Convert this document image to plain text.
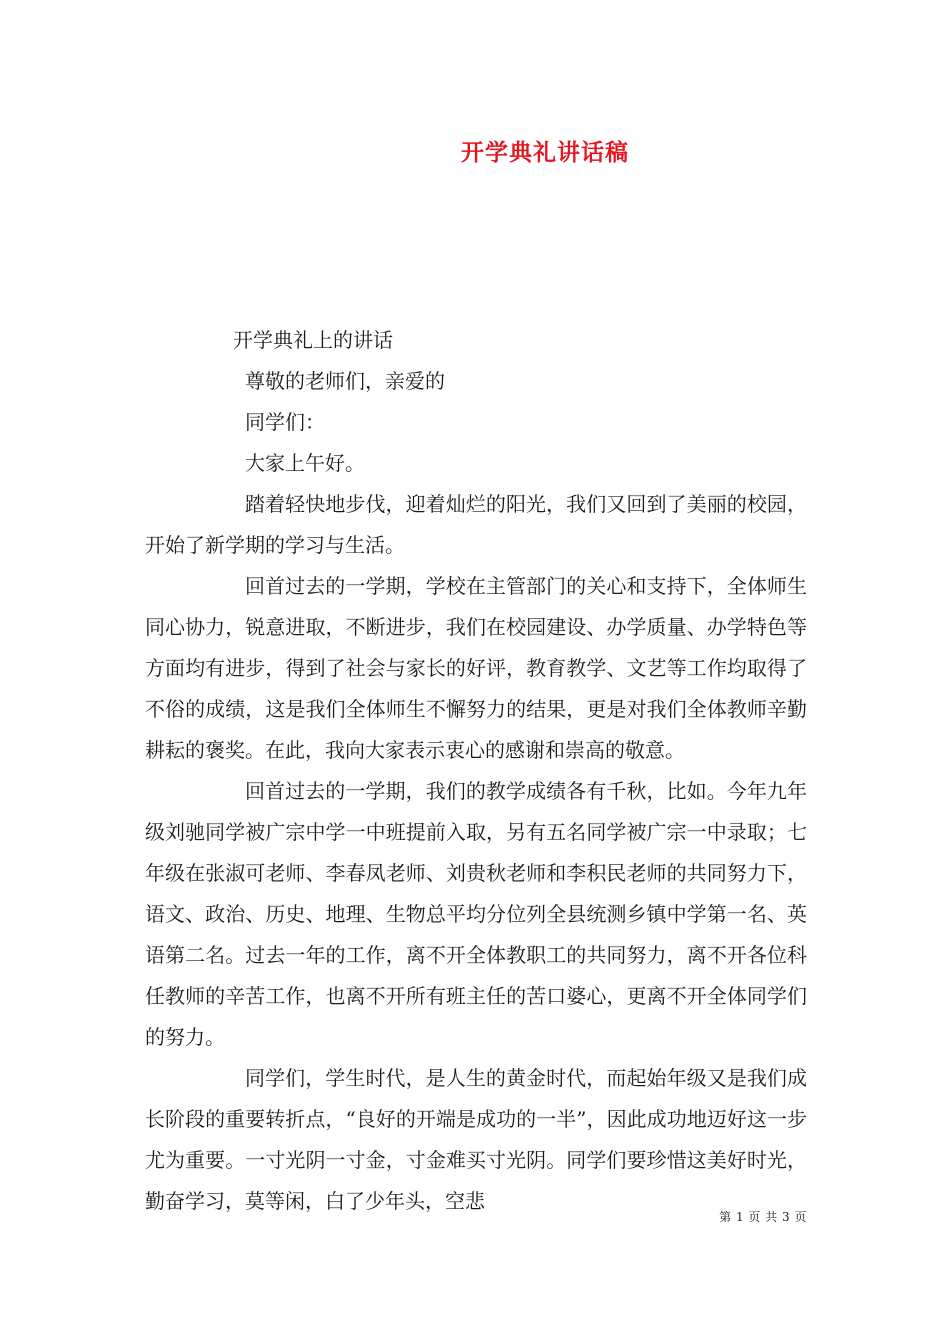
开学典礼讲话稿

开学典礼上的讲话

尊敬的老师们，亲爱的

同学们：

大家上午好。

踏着轻快地步伐，迎着灿烂的阳光，我们又回到了美丽的校园，开始了新学期的学习与生活。

回首过去的一学期，学校在主管部门的关心和支持下，全体师生同心协力，锐意进取，不断进步，我们在校园建设、办学质量、办学特色等方面均有进步，得到了社会与家长的好评，教育教学、文艺等工作均取得了不俗的成绩，这是我们全体师生不懈努力的结果，更是对我们全体教师辛勤耕耘的褒奖。在此，我向大家表示衷心的感谢和崇高的敬意。

回首过去的一学期，我们的教学成绩各有千秋，比如。今年九年级刘驰同学被广宗中学一中班提前入取，另有五名同学被广宗一中录取；七年级在张淑可老师、李春凤老师、刘贵秋老师和李积民老师的共同努力下，语文、政治、历史、地理、生物总平均分位列全县统测乡镇中学第一名、英语第二名。过去一年的工作，离不开全体教职工的共同努力，离不开各位科任教师的辛苦工作，也离不开所有班主任的苦口婆心，更离不开全体同学们的努力。

同学们，学生时代，是人生的黄金时代，而起始年级又是我们成长阶段的重要转折点，“良好的开端是成功的一半”，因此成功地迈好这一步尤为重要。一寸光阴一寸金，寸金难买寸光阴。同学们要珍惜这美好时光，勤奋学习，莫等闲，白了少年头，空悲

第 1 页 共 3 页
